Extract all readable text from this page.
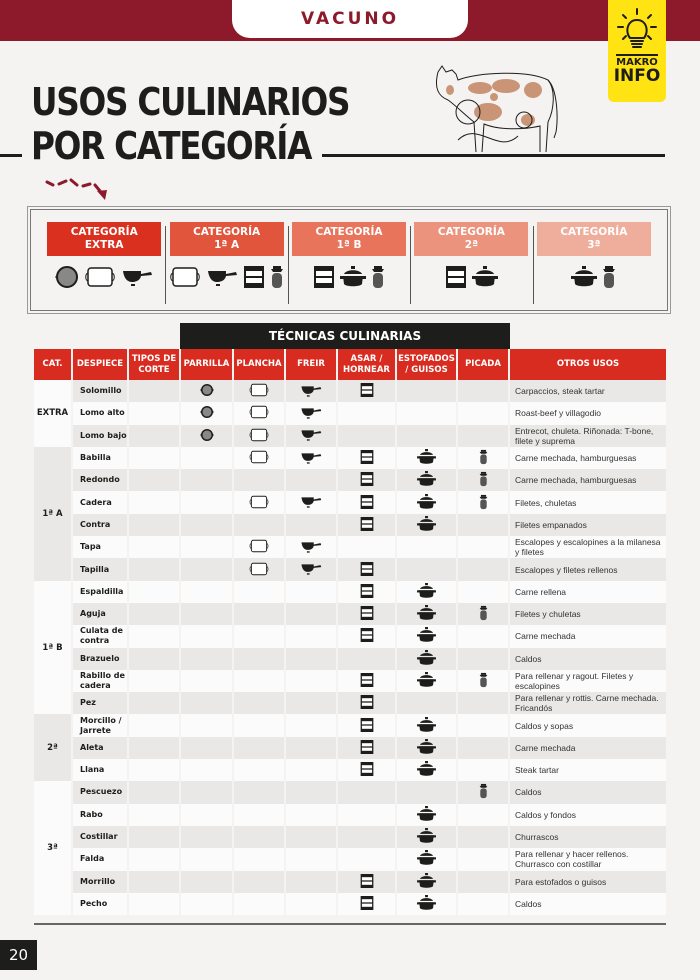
VACUNO
MAKRO
INFO
USOS CULINARIOS
POR CATEGORÍA
CATEGORÍA
EXTRA
CATEGORÍA
1ª A
CATEGORÍA
1ª B
CATEGORÍA
2ª
CATEGORÍA
3ª
TÉCNICAS CULINARIAS
CAT.	DESPIECE	TIPOS DE CORTE	PARRILLA	PLANCHA	FREIR	ASAR / HORNEAR	ESTOFADOS / GUISOS	PICADA	OTROS USOS
EXTRA	Solomillo								Carpaccios, steak tartar
	Lomo alto								Roast-beef y villagodio
	Lomo bajo								Entrecot, chuleta. Riñonada: T-bone, filete y suprema
1ª A	Babilla								Carne mechada, hamburguesas
	Redondo								Carne mechada, hamburguesas
	Cadera								Filetes, chuletas
	Contra								Filetes empanados
	Tapa								Escalopes y escalopines a la milanesa y filetes
	Tapilla								Escalopes y filetes rellenos
1ª B	Espaldilla								Carne rellena
	Aguja								Filetes y chuletas
	Culata de contra								Carne mechada
	Brazuelo								Caldos
	Rabillo de cadera								Para rellenar y ragout. Filetes y escalopines
	Pez								Para rellenar y rottis. Carne mechada. Fricandós
2ª	Morcillo / Jarrete								Caldos y sopas
	Aleta								Carne mechada
	Llana								Steak tartar
3ª	Pescuezo								Caldos
	Rabo								Caldos y fondos
	Costillar								Churrascos
	Falda								Para rellenar y hacer rellenos. Churrasco con costillar
	Morrillo								Para estofados o guisos
	Pecho								Caldos
20
